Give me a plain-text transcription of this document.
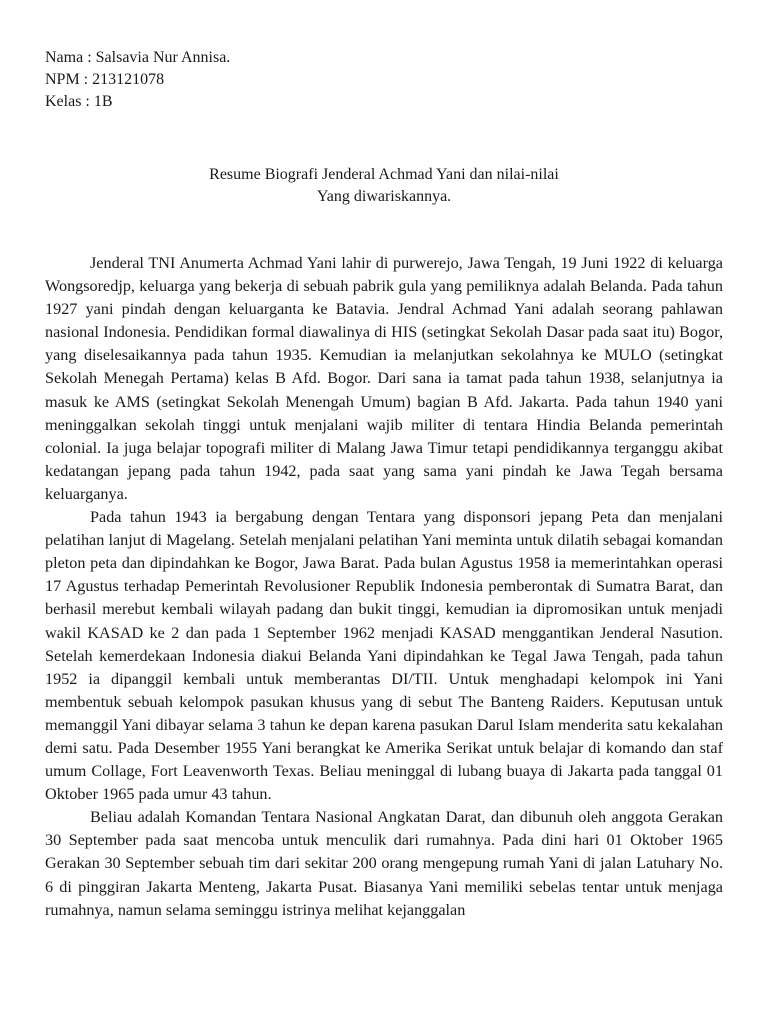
Nama : Salsavia Nur Annisa.
NPM : 213121078
Kelas : 1B
Resume Biografi Jenderal Achmad Yani dan nilai-nilai
Yang diwariskannya.

Jenderal TNI Anumerta Achmad Yani lahir di purwerejo, Jawa Tengah, 19 Juni 1922 di keluarga Wongsoredjp, keluarga yang bekerja di sebuah pabrik gula yang pemiliknya adalah Belanda. Pada tahun 1927 yani pindah dengan keluarganta ke Batavia. Jendral Achmad Yani adalah seorang pahlawan nasional Indonesia. Pendidikan formal diawalinya di HIS (setingkat Sekolah Dasar pada saat itu) Bogor, yang diselesaikannya pada tahun 1935. Kemudian ia melanjutkan sekolahnya ke MULO (setingkat Sekolah Menegah Pertama) kelas B Afd. Bogor. Dari sana ia tamat pada tahun 1938, selanjutnya ia masuk ke AMS (setingkat Sekolah Menengah Umum) bagian B Afd. Jakarta. Pada tahun 1940 yani meninggalkan sekolah tinggi untuk menjalani wajib militer di tentara Hindia Belanda pemerintah colonial. Ia juga belajar topografi militer di Malang Jawa Timur tetapi pendidikannya terganggu akibat kedatangan jepang pada tahun 1942, pada saat yang sama yani pindah ke Jawa Tegah bersama keluarganya.

Pada tahun 1943 ia bergabung dengan Tentara yang disponsori jepang Peta dan menjalani pelatihan lanjut di Magelang. Setelah menjalani pelatihan Yani meminta untuk dilatih sebagai komandan pleton peta dan dipindahkan ke Bogor, Jawa Barat. Pada bulan Agustus 1958 ia memerintahkan operasi 17 Agustus terhadap Pemerintah Revolusioner Republik Indonesia pemberontak di Sumatra Barat, dan berhasil merebut kembali wilayah padang dan bukit tinggi, kemudian ia dipromosikan untuk menjadi wakil KASAD ke 2 dan pada 1 September 1962 menjadi KASAD menggantikan Jenderal Nasution. Setelah kemerdekaan Indonesia diakui Belanda Yani dipindahkan ke Tegal Jawa Tengah, pada tahun 1952 ia dipanggil kembali untuk memberantas DI/TII. Untuk menghadapi kelompok ini Yani membentuk sebuah kelompok pasukan khusus yang di sebut The Banteng Raiders. Keputusan untuk memanggil Yani dibayar selama 3 tahun ke depan karena pasukan Darul Islam menderita satu kekalahan demi satu. Pada Desember 1955 Yani berangkat ke Amerika Serikat untuk belajar di komando dan staf umum Collage, Fort Leavenworth Texas. Beliau meninggal di lubang buaya di Jakarta pada tanggal 01 Oktober 1965 pada umur 43 tahun.

Beliau adalah Komandan Tentara Nasional Angkatan Darat, dan dibunuh oleh anggota Gerakan 30 September pada saat mencoba untuk menculik dari rumahnya. Pada dini hari 01 Oktober 1965 Gerakan 30 September sebuah tim dari sekitar 200 orang mengepung rumah Yani di jalan Latuhary No. 6 di pinggiran Jakarta Menteng, Jakarta Pusat. Biasanya Yani memiliki sebelas tentar untuk menjaga rumahnya, namun selama seminggu istrinya melihat kejanggalan
